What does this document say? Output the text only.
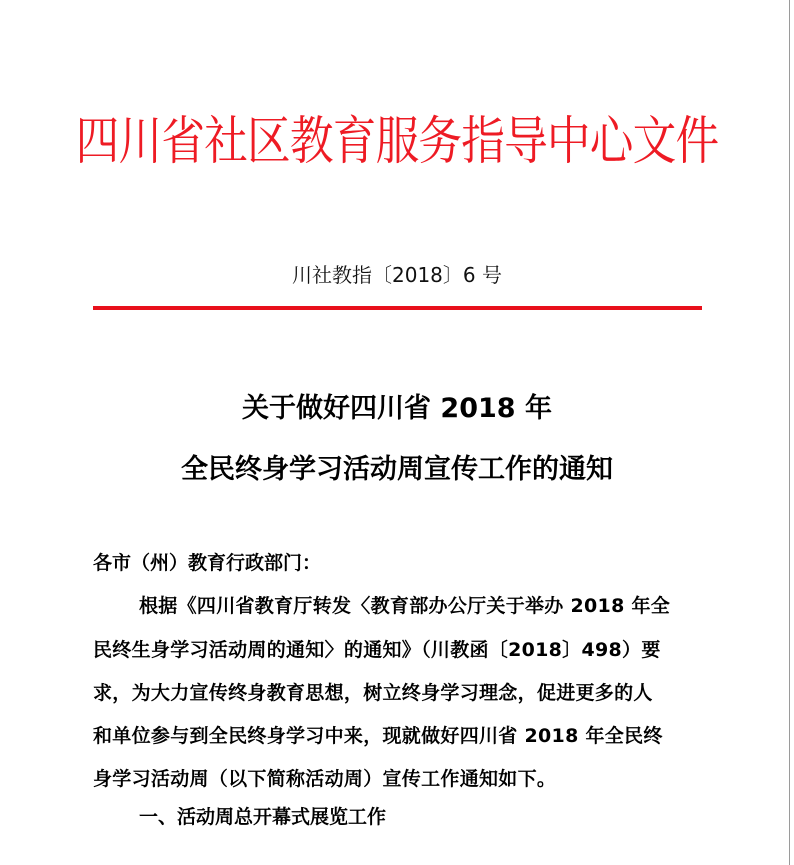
四川省社区教育服务指导中心文件
川社教指〔2018〕6 号
关于做好四川省 2018 年
全民终身学习活动周宣传工作的通知
各市（州）教育行政部门：
根据《四川省教育厅转发〈教育部办公厅关于举办 2018 年全
民终生身学习活动周的通知〉的通知》（川教函〔2018〕498）要
求，为大力宣传终身教育思想，树立终身学习理念，促进更多的人
和单位参与到全民终身学习中来，现就做好四川省 2018 年全民终
身学习活动周（以下简称活动周）宣传工作通知如下。
一、活动周总开幕式展览工作
